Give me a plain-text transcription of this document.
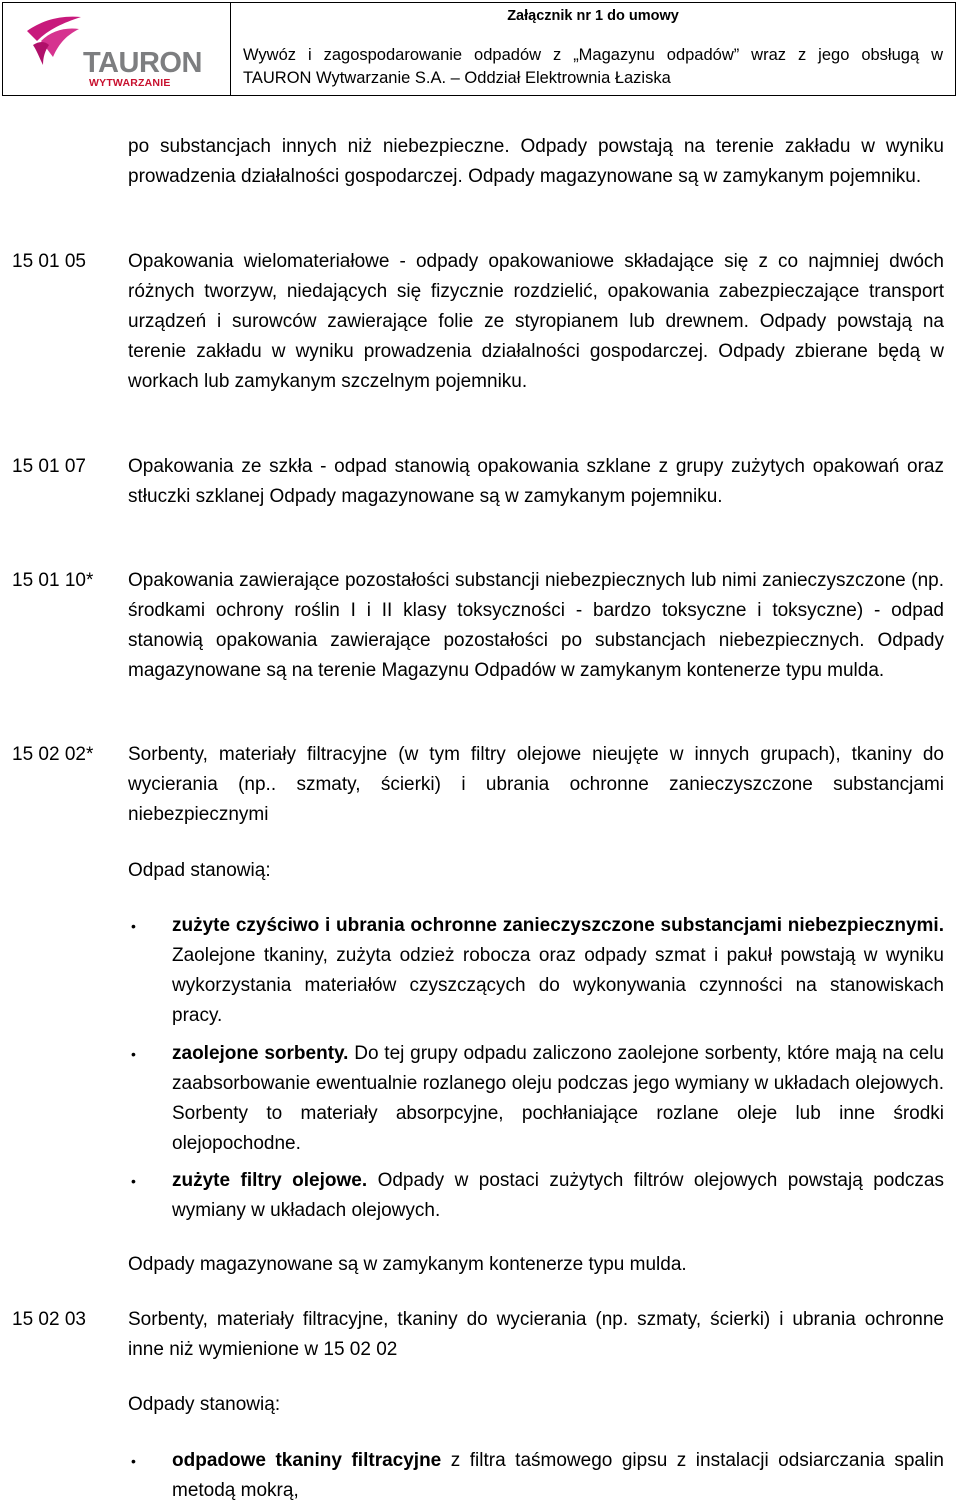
TAURON
WYTWARZANIE
Załącznik nr 1 do umowy
Wywóz i zagospodarowanie odpadów z „Magazynu odpadów” wraz z jego obsługą w
TAURON Wytwarzanie S.A. – Oddział Elektrownia Łaziska
po substancjach innych niż niebezpieczne. Odpady powstają na terenie zakładu w wyniku prowadzenia działalności gospodarczej. Odpady magazynowane są w zamykanym pojemniku.
15 01 05 Opakowania wielomateriałowe - odpady opakowaniowe składające się z co najmniej dwóch różnych tworzyw, niedających się fizycznie rozdzielić, opakowania zabezpieczające transport urządzeń i surowców zawierające folie ze styropianem lub drewnem. Odpady powstają na terenie zakładu w wyniku prowadzenia działalności gospodarczej. Odpady zbierane będą w workach lub zamykanym szczelnym pojemniku.
15 01 07 Opakowania ze szkła - odpad stanowią opakowania szklane z grupy zużytych opakowań oraz stłuczki szklanej Odpady magazynowane są w zamykanym pojemniku.
15 01 10* Opakowania zawierające pozostałości substancji niebezpiecznych lub nimi zanieczyszczone (np. środkami ochrony roślin I i II klasy toksyczności - bardzo toksyczne i toksyczne) - odpad stanowią opakowania zawierające pozostałości po substancjach niebezpiecznych. Odpady magazynowane są na terenie Magazynu Odpadów w zamykanym kontenerze typu mulda.
15 02 02* Sorbenty, materiały filtracyjne (w tym filtry olejowe nieujęte w innych grupach), tkaniny do wycierania (np.. szmaty, ścierki) i ubrania ochronne zanieczyszczone substancjami niebezpiecznymi
Odpad stanowią:
• zużyte czyściwo i ubrania ochronne zanieczyszczone substancjami niebezpiecznymi. Zaolejone tkaniny, zużyta odzież robocza oraz odpady szmat i pakuł powstają w wyniku wykorzystania materiałów czyszczących do wykonywania czynności na stanowiskach pracy.
• zaolejone sorbenty. Do tej grupy odpadu zaliczono zaolejone sorbenty, które mają na celu zaabsorbowanie ewentualnie rozlanego oleju podczas jego wymiany w układach olejowych. Sorbenty to materiały absorpcyjne, pochłaniające rozlane oleje lub inne środki olejopochodne.
• zużyte filtry olejowe. Odpady w postaci zużytych filtrów olejowych powstają podczas wymiany w układach olejowych.
Odpady magazynowane są w zamykanym kontenerze typu mulda.
15 02 03 Sorbenty, materiały filtracyjne, tkaniny do wycierania (np. szmaty, ścierki) i ubrania ochronne inne niż wymienione w 15 02 02
Odpady stanowią:
• odpadowe tkaniny filtracyjne z filtra taśmowego gipsu z instalacji odsiarczania spalin metodą mokrą,
